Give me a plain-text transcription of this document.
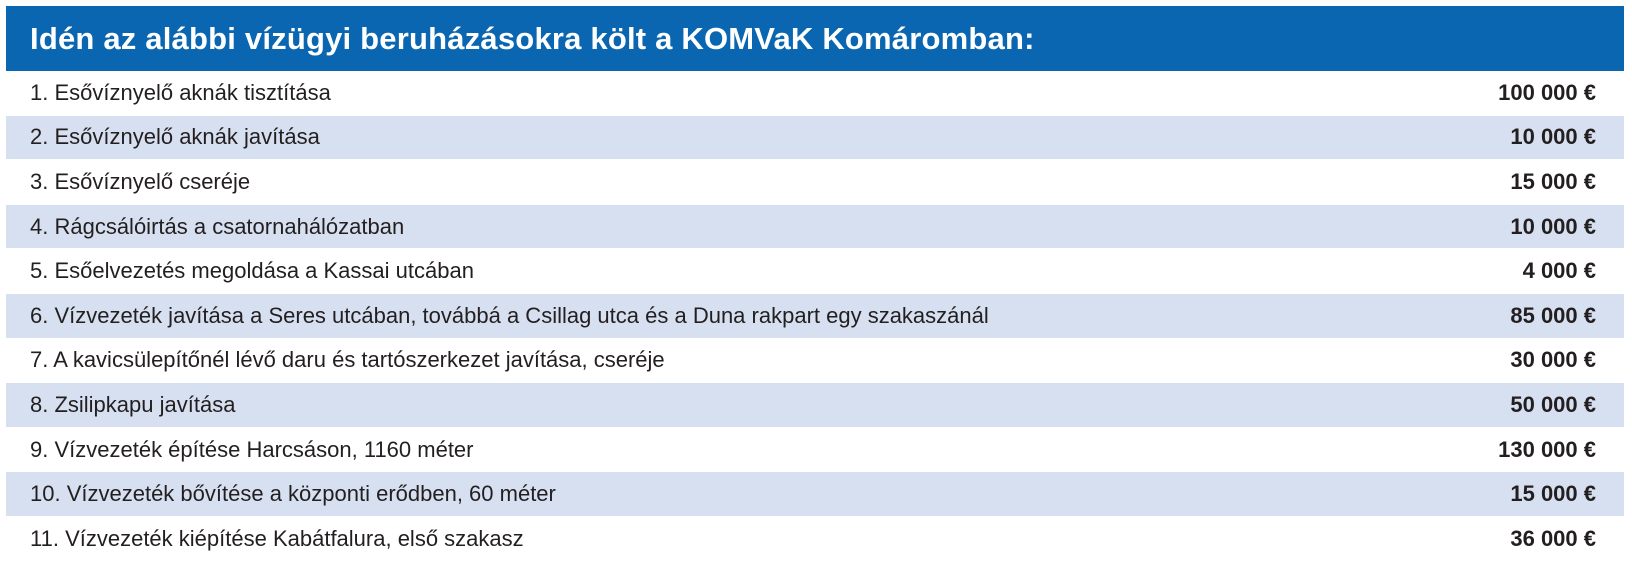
Idén az alábbi vízügyi beruházásokra költ a KOMVaK Komáromban:
1. Esővíznyelő aknák tisztítása	100 000 €
2. Esővíznyelő aknák javítása	10 000 €
3. Esővíznyelő cseréje	15 000 €
4. Rágcsálóirtás a csatornahálózatban	10 000 €
5. Esőelvezetés megoldása a Kassai utcában	4 000 €
6. Vízvezeték javítása a Seres utcában, továbbá a Csillag utca és a Duna rakpart egy szakaszánál	85 000 €
7. A kavicsülepítőnél lévő daru és tartószerkezet javítása, cseréje	30 000 €
8. Zsilipkapu javítása	50 000 €
9. Vízvezeték építése Harcsáson, 1160 méter	130 000 €
10. Vízvezeték bővítése a központi erődben, 60 méter	15 000 €
11. Vízvezeték kiépítése Kabátfalura, első szakasz	36 000 €
